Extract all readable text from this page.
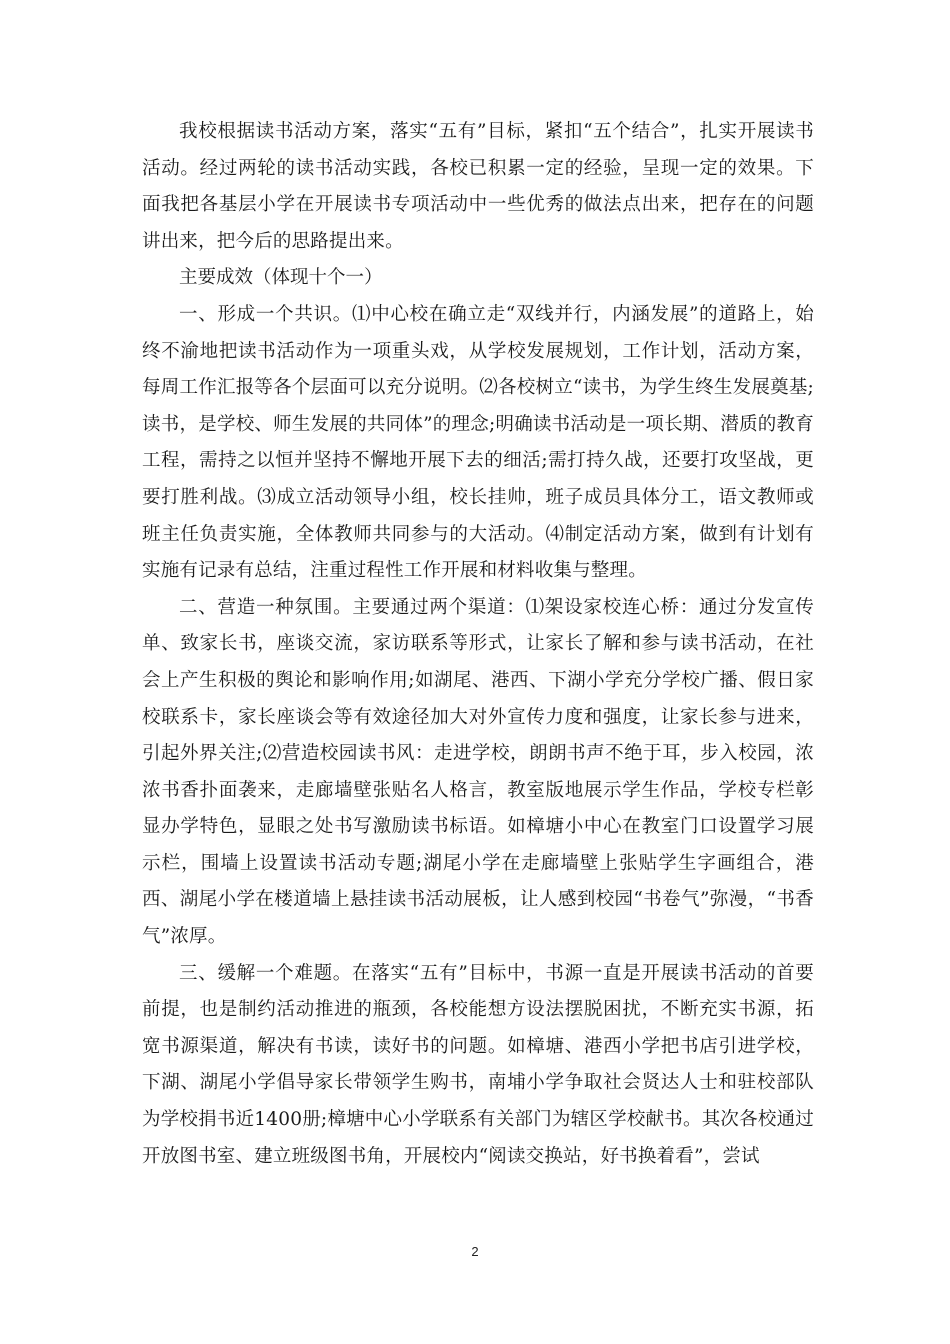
我校根据读书活动方案，落实“五有”目标，紧扣“五个结合”，扎实开展读书活动。经过两轮的读书活动实践，各校已积累一定的经验，呈现一定的效果。下面我把各基层小学在开展读书专项活动中一些优秀的做法点出来，把存在的问题讲出来，把今后的思路提出来。

主要成效（体现十个一）

一、形成一个共识。⑴中心校在确立走“双线并行，内涵发展”的道路上，始终不渝地把读书活动作为一项重头戏，从学校发展规划，工作计划，活动方案，每周工作汇报等各个层面可以充分说明。⑵各校树立“读书，为学生终生发展奠基;读书，是学校、师生发展的共同体”的理念;明确读书活动是一项长期、潜质的教育工程，需持之以恒并坚持不懈地开展下去的细活;需打持久战，还要打攻坚战，更要打胜利战。⑶成立活动领导小组，校长挂帅，班子成员具体分工，语文教师或班主任负责实施，全体教师共同参与的大活动。⑷制定活动方案，做到有计划有实施有记录有总结，注重过程性工作开展和材料收集与整理。

二、营造一种氛围。主要通过两个渠道：⑴架设家校连心桥：通过分发宣传单、致家长书，座谈交流，家访联系等形式，让家长了解和参与读书活动，在社会上产生积极的舆论和影响作用;如湖尾、港西、下湖小学充分学校广播、假日家校联系卡，家长座谈会等有效途径加大对外宣传力度和强度，让家长参与进来，引起外界关注;⑵营造校园读书风：走进学校，朗朗书声不绝于耳，步入校园，浓浓书香扑面袭来，走廊墙壁张贴名人格言，教室版地展示学生作品，学校专栏彰显办学特色，显眼之处书写激励读书标语。如樟塘小中心在教室门口设置学习展示栏，围墙上设置读书活动专题;湖尾小学在走廊墙壁上张贴学生字画组合，港西、湖尾小学在楼道墙上悬挂读书活动展板，让人感到校园“书卷气”弥漫，“书香气”浓厚。

三、缓解一个难题。在落实“五有”目标中，书源一直是开展读书活动的首要前提，也是制约活动推进的瓶颈，各校能想方设法摆脱困扰，不断充实书源，拓宽书源渠道，解决有书读，读好书的问题。如樟塘、港西小学把书店引进学校，下湖、湖尾小学倡导家长带领学生购书，南埔小学争取社会贤达人士和驻校部队为学校捐书近1400册;樟塘中心小学联系有关部门为辖区学校献书。其次各校通过开放图书室、建立班级图书角，开展校内“阅读交换站，好书换着看”，尝试

2
